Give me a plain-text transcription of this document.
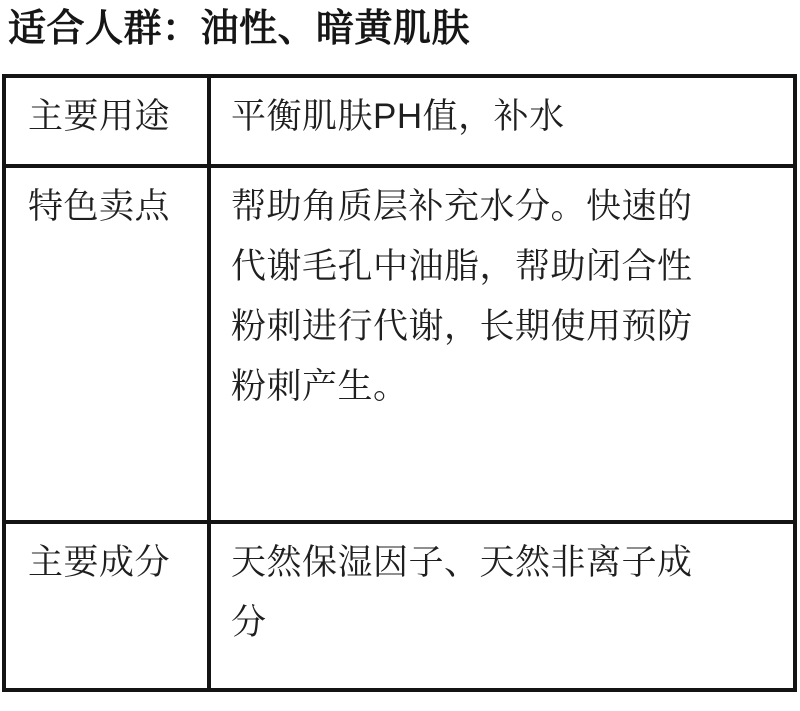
适合人群：油性、暗黄肌肤
主要用途	平衡肌肤PH值，补水
特色卖点	帮助角质层补充水分。快速的代谢毛孔中油脂，帮助闭合性粉刺进行代谢，长期使用预防粉刺产生。
主要成分	天然保湿因子、天然非离子成分
